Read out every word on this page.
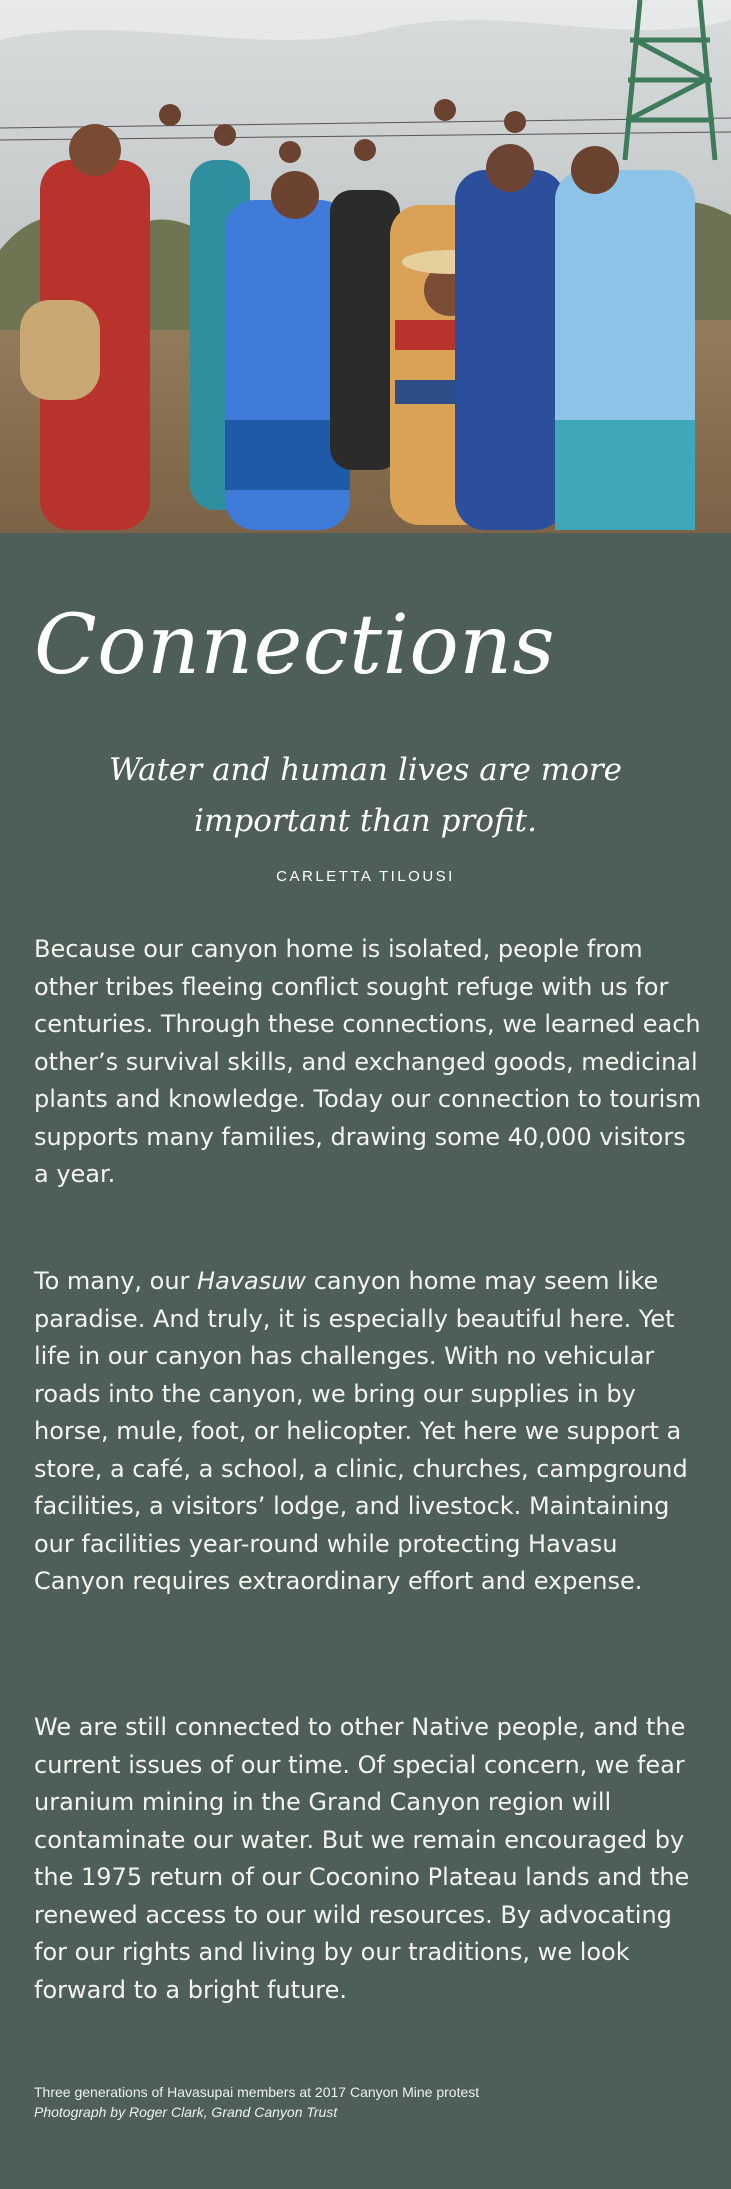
Connections

Water and human lives are more important than profit.

CARLETTA TILOUSI

Because our canyon home is isolated, people from other tribes fleeing conflict sought refuge with us for centuries. Through these connections, we learned each other’s survival skills, and exchanged goods, medicinal plants and knowledge. Today our connection to tourism supports many families, drawing some 40,000 visitors a year.

To many, our Havasuw canyon home may seem like paradise. And truly, it is especially beautiful here. Yet life in our canyon has challenges. With no vehicular roads into the canyon, we bring our supplies in by horse, mule, foot, or helicopter. Yet here we support a store, a café, a school, a clinic, churches, campground facilities, a visitors’ lodge, and livestock. Maintaining our facilities year-round while protecting Havasu Canyon requires extraordinary effort and expense.

We are still connected to other Native people, and the current issues of our time. Of special concern, we fear uranium mining in the Grand Canyon region will contaminate our water. But we remain encouraged by the 1975 return of our Coconino Plateau lands and the renewed access to our wild resources. By advocating for our rights and living by our traditions, we look forward to a bright future.

Three generations of Havasupai members at 2017 Canyon Mine protest
Photograph by Roger Clark, Grand Canyon Trust
